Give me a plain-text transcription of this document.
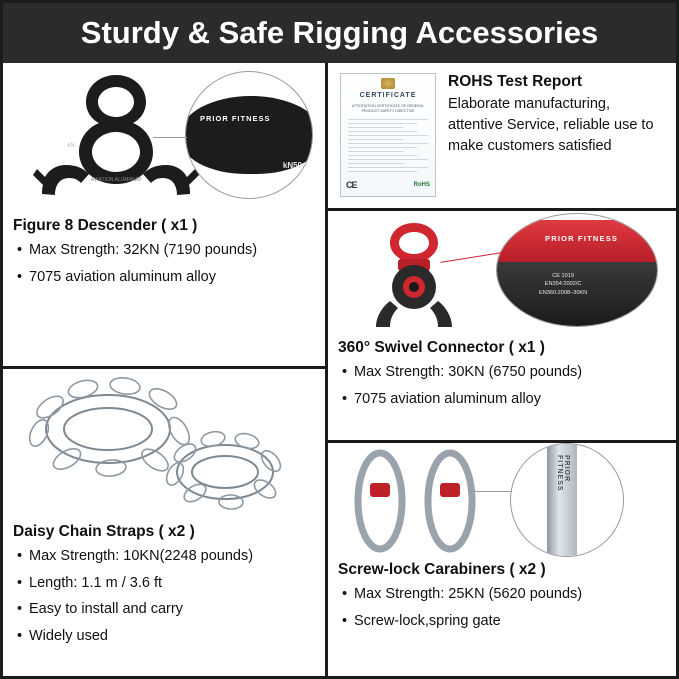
Sturdy & Safe Rigging Accessories
AVIATION ALUMINUM
kN
PRIOR FITNESS
kN50
Figure 8 Descender ( x1 )
• Max Strength: 32KN (7190 pounds)
• 7075 aviation aluminum alloy
Daisy Chain Straps ( x2 )
• Max Strength: 10KN(2248 pounds)
• Length: 1.1 m / 3.6 ft
• Easy to install and carry
• Widely used
CERTIFICATE
ATTESTATION CERTIFICATE OF GENERAL PRODUCT SAFETY DIRECTIVE
CE	RoHS
ROHS Test Report
Elaborate manufacturing, attentive Service, reliable use to make customers satisfied
PRIOR FITNESS
CE 1019
EN354:2002/C
EN360:2008–30KN
360° Swivel Connector ( x1 )
• Max Strength: 30KN (6750 pounds)
• 7075 aviation aluminum alloy
PRIOR FITNESS
Screw-lock Carabiners ( x2 )
• Max Strength: 25KN (5620 pounds)
• Screw-lock,spring gate
